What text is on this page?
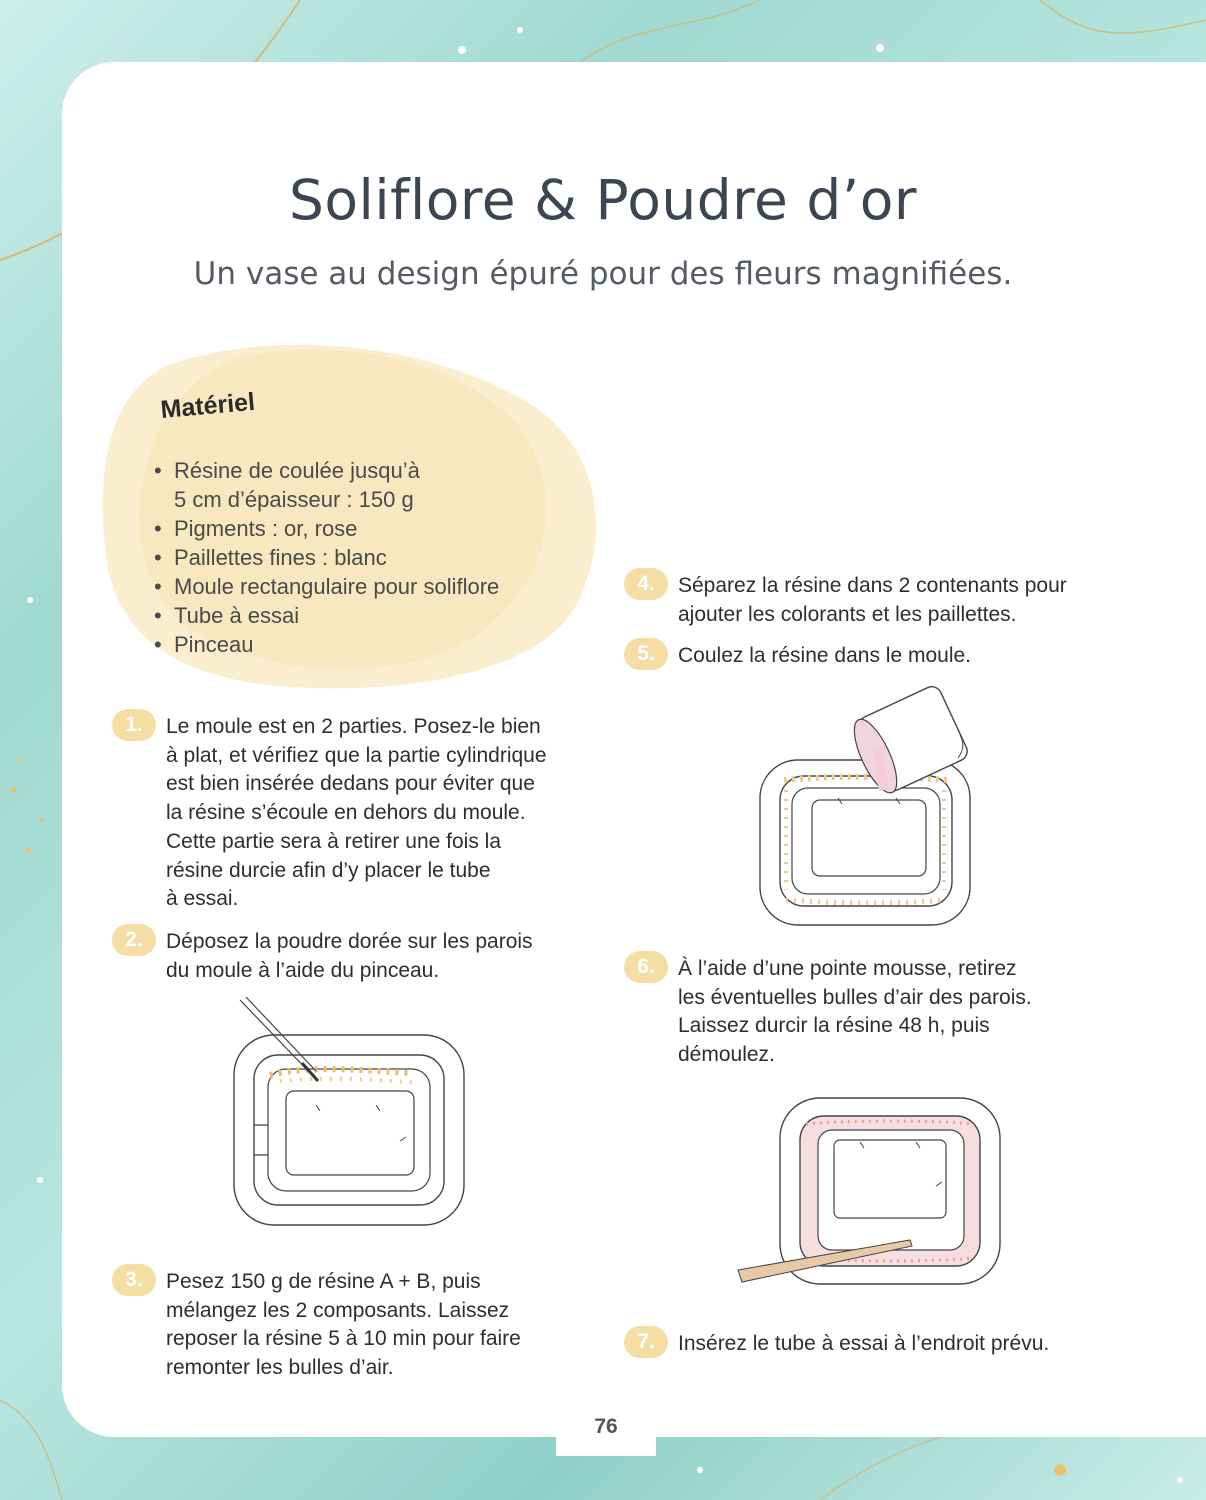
Soliflore & Poudre d’or
Un vase au design épuré pour des fleurs magnifiées.
Matériel
• Résine de coulée jusqu’à
5 cm d’épaisseur : 150 g
• Pigments : or, rose
• Paillettes fines : blanc
• Moule rectangulaire pour soliflore
• Tube à essai
• Pinceau
1.	Le moule est en 2 parties. Posez-le bien
à plat, et vérifiez que la partie cylindrique
est bien insérée dedans pour éviter que
la résine s’écoule en dehors du moule.
Cette partie sera à retirer une fois la
résine durcie afin d’y placer le tube
à essai.
2.	Déposez la poudre dorée sur les parois
du moule à l’aide du pinceau.
3.	Pesez 150 g de résine A + B, puis
mélangez les 2 composants. Laissez
reposer la résine 5 à 10 min pour faire
remonter les bulles d’air.
4.	Séparez la résine dans 2 contenants pour
ajouter les colorants et les paillettes.
5.	Coulez la résine dans le moule.
6.	À l’aide d’une pointe mousse, retirez
les éventuelles bulles d’air des parois.
Laissez durcir la résine 48 h, puis
démoulez.
7.	Insérez le tube à essai à l’endroit prévu.
76
